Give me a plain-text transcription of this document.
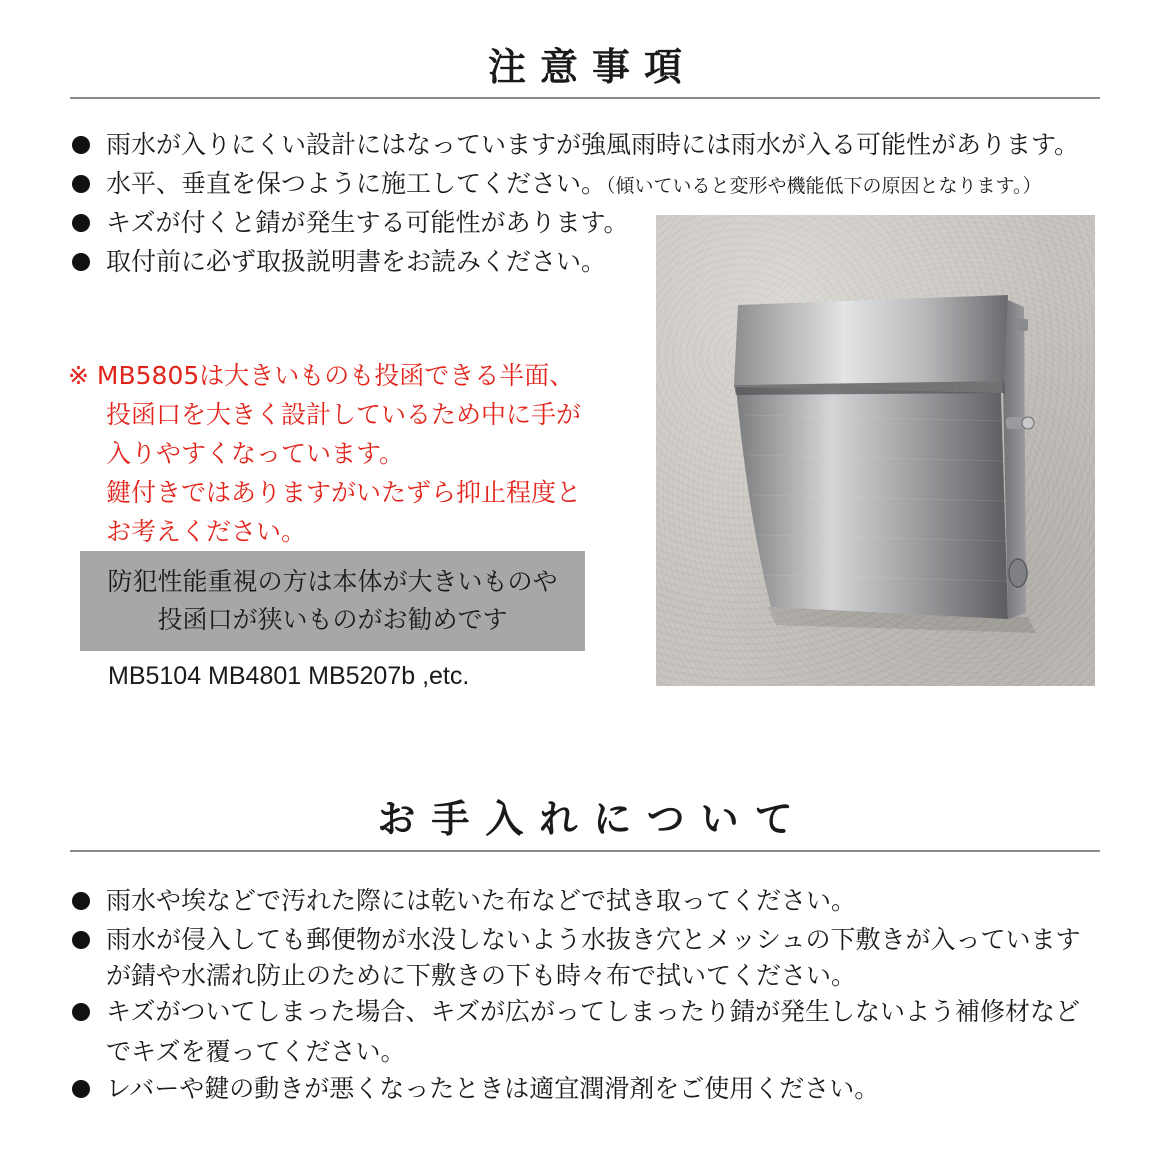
注意事項
雨水が入りにくい設計にはなっていますが強風雨時には雨水が入る可能性があります。
水平、垂直を保つように施工してください。（傾いていると変形や機能低下の原因となります。）
キズが付くと錆が発生する可能性があります。
取付前に必ず取扱説明書をお読みください。
※ MB5805は大きいものも投函できる半面、
投函口を大きく設計しているため中に手が
入りやすくなっています。
鍵付きではありますがいたずら抑止程度と
お考えください。
防犯性能重視の方は本体が大きいものや
投函口が狭いものがお勧めです
MB5104 MB4801 MB5207b ,etc.
お手入れについて
雨水や埃などで汚れた際には乾いた布などで拭き取ってください。
雨水が侵入しても郵便物が水没しないよう水抜き穴とメッシュの下敷きが入っています
が錆や水濡れ防止のために下敷きの下も時々布で拭いてください。
キズがついてしまった場合、キズが広がってしまったり錆が発生しないよう補修材など
でキズを覆ってください。
レバーや鍵の動きが悪くなったときは適宜潤滑剤をご使用ください。
